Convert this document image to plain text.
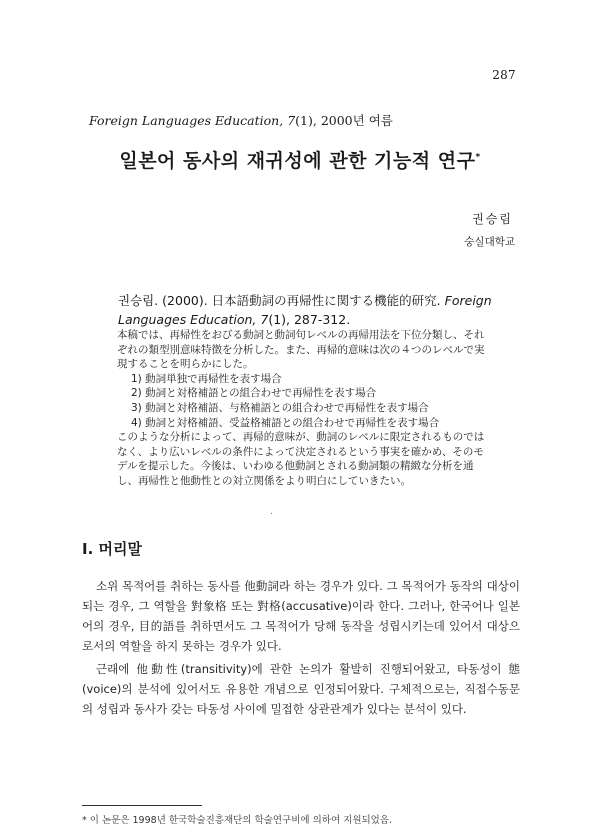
287
Foreign Languages Education, 7(1), 2000년 여름
일본어 동사의 재귀성에 관한 기능적 연구*
권승림
숭실대학교
권승림. (2000). 日本語動詞の再帰性に関する機能的研究. Foreign Languages Education, 7(1), 287-312.

本稿では、再帰性をおびる動詞と動詞句レベルの再帰用法を下位分類し、それぞれの類型別意味特徴を分析した。また、再帰的意味は次の４つのレベルで実現することを明らかにした。

1) 動詞単独で再帰性を表す場合
2) 動詞と対格補語との組合わせで再帰性を表す場合
3) 動詞と対格補語、与格補語との組合わせで再帰性を表す場合
4) 動詞と対格補語、受益格補語との組合わせで再帰性を表す場合

このような分析によって、再帰的意味が、動詞のレベルに限定されるものではなく、より広いレベルの条件によって決定されるという事実を確かめ、そのモデルを提示した。今後は、いわゆる他動詞とされる動詞類の精緻な分析を通し、再帰性と他動性との対立関係をより明白にしていきたい。

·
I. 머리말

소위 목적어를 취하는 동사를 他動詞라 하는 경우가 있다. 그 목적어가 동작의 대상이 되는 경우, 그 역할을 對象格 또는 對格(accusative)이라 한다. 그러나, 한국어나 일본어의 경우, 目的語를 취하면서도 그 목적어가 당해 동작을 성립시키는데 있어서 대상으로서의 역할을 하지 못하는 경우가 있다.

근래에 他動性(transitivity)에 관한 논의가 활발히 진행되어왔고, 타동성이 態(voice)의 분석에 있어서도 유용한 개념으로 인정되어왔다. 구체적으로는, 직접수동문의 성립과 동사가 갖는 타동성 사이에 밀접한 상관관계가 있다는 분석이 있다.

* 이 논문은 1998년 한국학술진흥재단의 학술연구비에 의하여 지원되었음.
